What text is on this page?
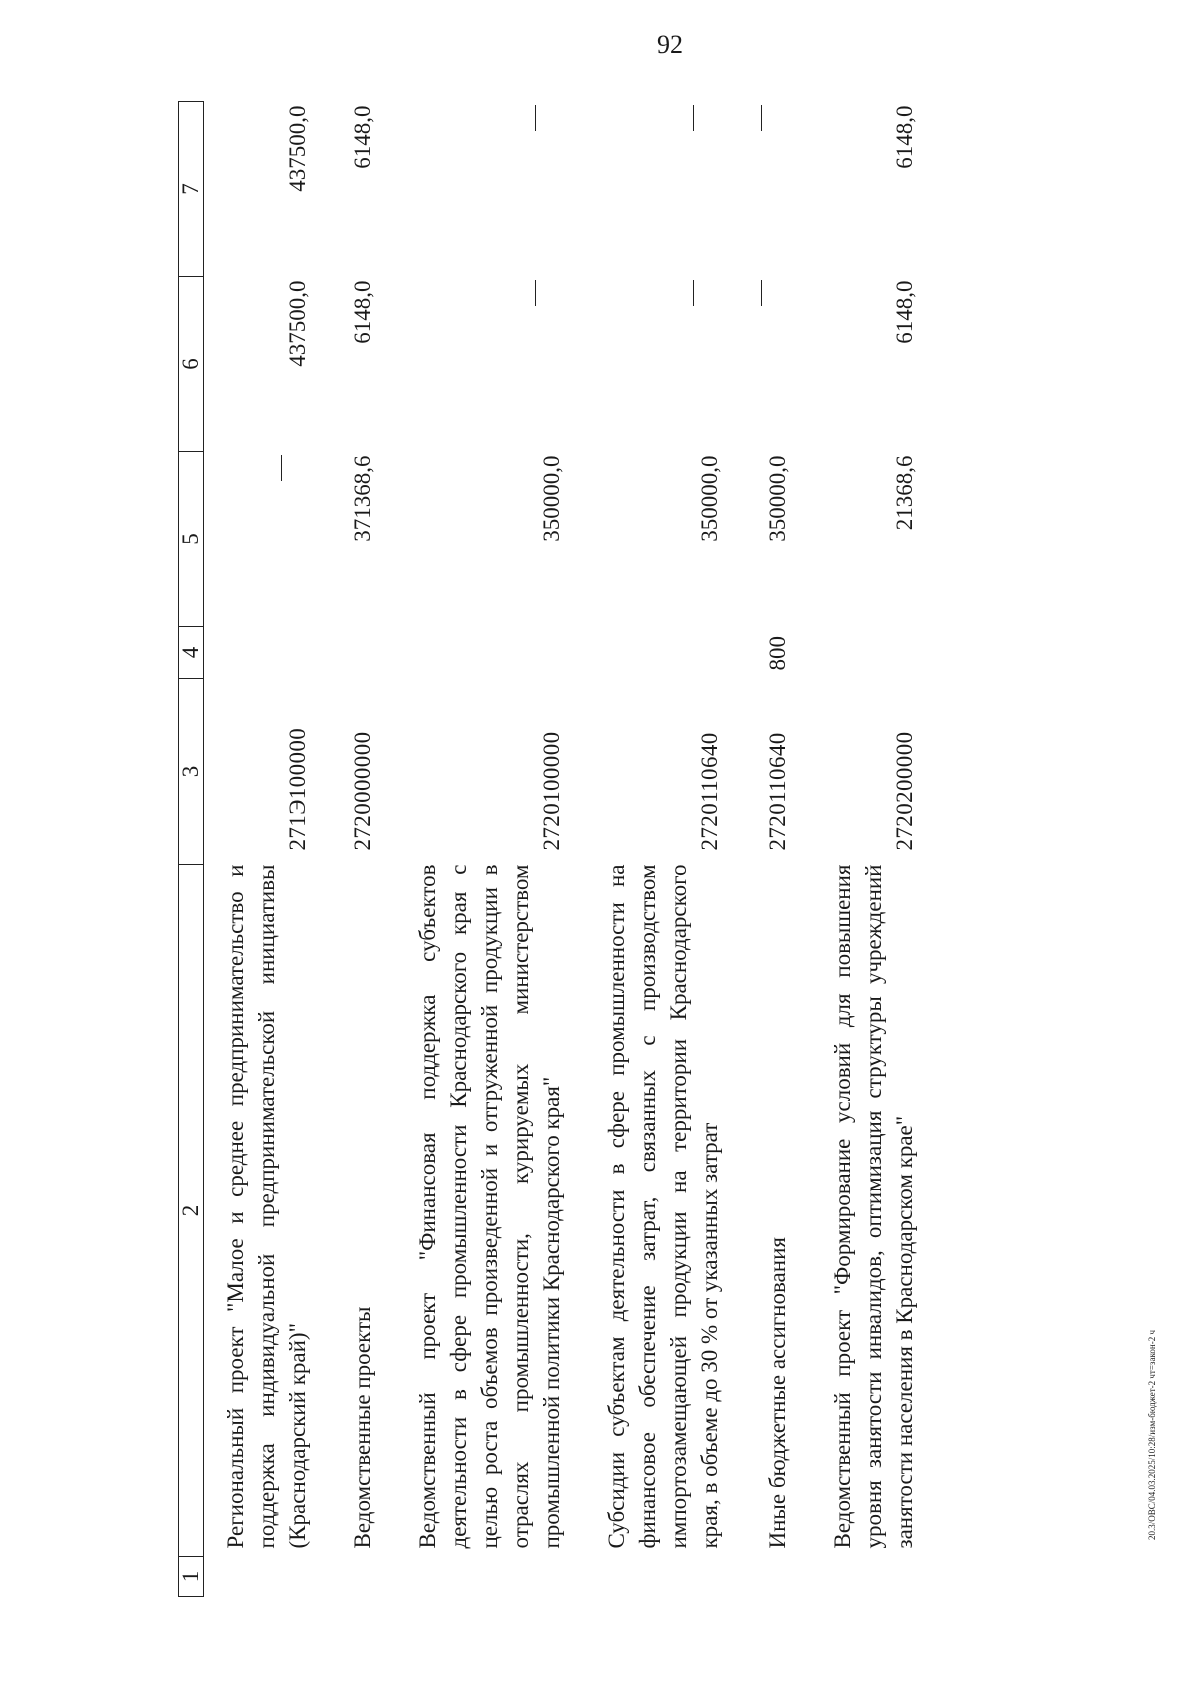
92
20.3/ОВС/04.03.2025/10:28/изм-бюджет-2 чт=закон-2 ч
1	2	3	4	5	6	7

	Региональный проект "Малое и среднее предпринимательство и поддержка индивидуальной предпринимательской инициативы (Краснодарский край)"	271Э100000			437500,0	437500,0

	Ведомственные проекты	2720000000		371368,6	6148,0	6148,0

	Ведомственный проект "Финансовая поддержка субъектов деятельности в сфере промышленности Краснодарского края с целью роста объемов произведенной и отгруженной продукции в отраслях промышленности, курируемых министерством промышленной политики Краснодарского края"	2720100000		350000,0		

	Субсидии субъектам деятельности в сфере промышленности на финансовое обеспечение затрат, связанных с производством импортозамещающей продукции на территории Краснодарского края, в объеме до 30 % от указанных затрат	2720110640		350000,0		

	Иные бюджетные ассигнования	2720110640	800	350000,0		

	Ведомственный проект "Формирование условий для повышения уровня занятости инвалидов, оптимизация структуры учреждений занятости населения в Краснодарском крае"	2720200000		21368,6	6148,0	6148,0
